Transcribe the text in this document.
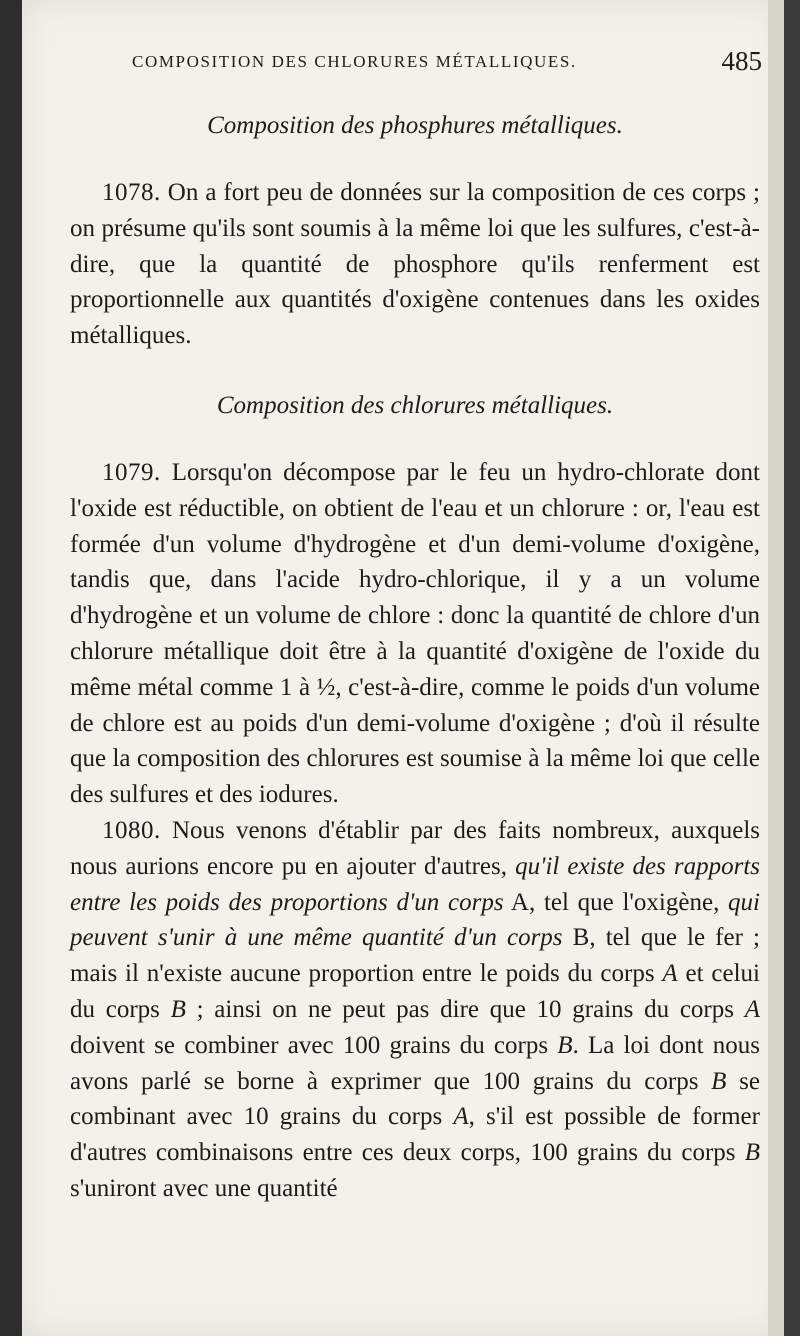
COMPOSITION DES CHLORURES MÉTALLIQUES.	485
Composition des phosphures métalliques.

1078. On a fort peu de données sur la composition de ces corps ; on présume qu'ils sont soumis à la même loi que les sulfures, c'est-à-dire, que la quantité de phosphore qu'ils renferment est proportionnelle aux quantités d'oxigène contenues dans les oxides métalliques.

Composition des chlorures métalliques.

1079. Lorsqu'on décompose par le feu un hydro-chlorate dont l'oxide est réductible, on obtient de l'eau et un chlorure : or, l'eau est formée d'un volume d'hydrogène et d'un demi-volume d'oxigène, tandis que, dans l'acide hydro-chlorique, il y a un volume d'hydrogène et un volume de chlore : donc la quantité de chlore d'un chlorure métallique doit être à la quantité d'oxigène de l'oxide du même métal comme 1 à ½, c'est-à-dire, comme le poids d'un volume de chlore est au poids d'un demi-volume d'oxigène ; d'où il résulte que la composition des chlorures est soumise à la même loi que celle des sulfures et des iodures.

1080. Nous venons d'établir par des faits nombreux, auxquels nous aurions encore pu en ajouter d'autres, qu'il existe des rapports entre les poids des proportions d'un corps A, tel que l'oxigène, qui peuvent s'unir à une même quantité d'un corps B, tel que le fer ; mais il n'existe aucune proportion entre le poids du corps A et celui du corps B ; ainsi on ne peut pas dire que 10 grains du corps A doivent se combiner avec 100 grains du corps B. La loi dont nous avons parlé se borne à exprimer que 100 grains du corps B se combinant avec 10 grains du corps A, s'il est possible de former d'autres combinaisons entre ces deux corps, 100 grains du corps B s'uniront avec une quantité
